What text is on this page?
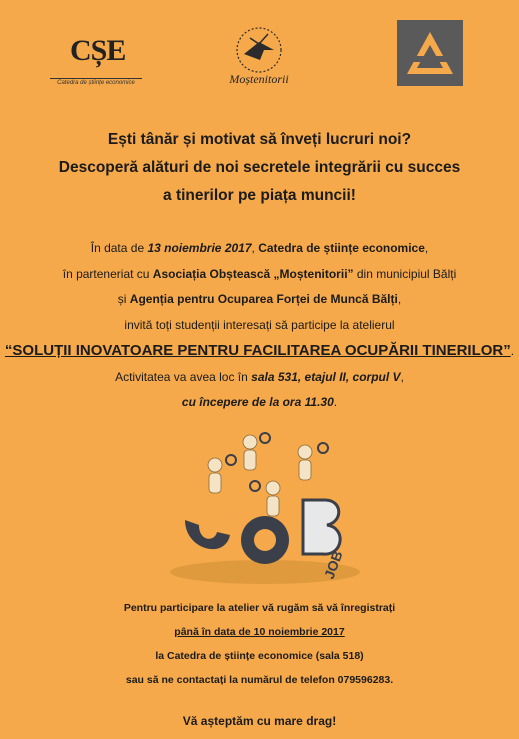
CȘE
Catedra de științe economice	Moștenitorii
Ești tânăr și motivat să înveți lucruri noi?
Descoperă alături de noi secretele integrării cu succes
a tinerilor pe piața muncii!
În data de 13 noiembrie 2017, Catedra de științe economice,
în parteneriat cu Asociația Obștească „Moștenitorii” din municipiul Bălți
și Agenția pentru Ocuparea Forței de Muncă Bălți,
invită toți studenții interesați să participe la atelierul
“SOLUȚII INOVATOARE PENTRU FACILITAREA OCUPĂRII TINERILOR”.
Activitatea va avea loc în sala 531, etajul II, corpul V,
cu începere de la ora 11.30.
JOB
Pentru participare la atelier vă rugăm să vă înregistrați
până în data de 10 noiembrie 2017
la Catedra de științe economice (sala 518)
sau să ne contactați la numărul de telefon 079596283.
Vă așteptăm cu mare drag!
